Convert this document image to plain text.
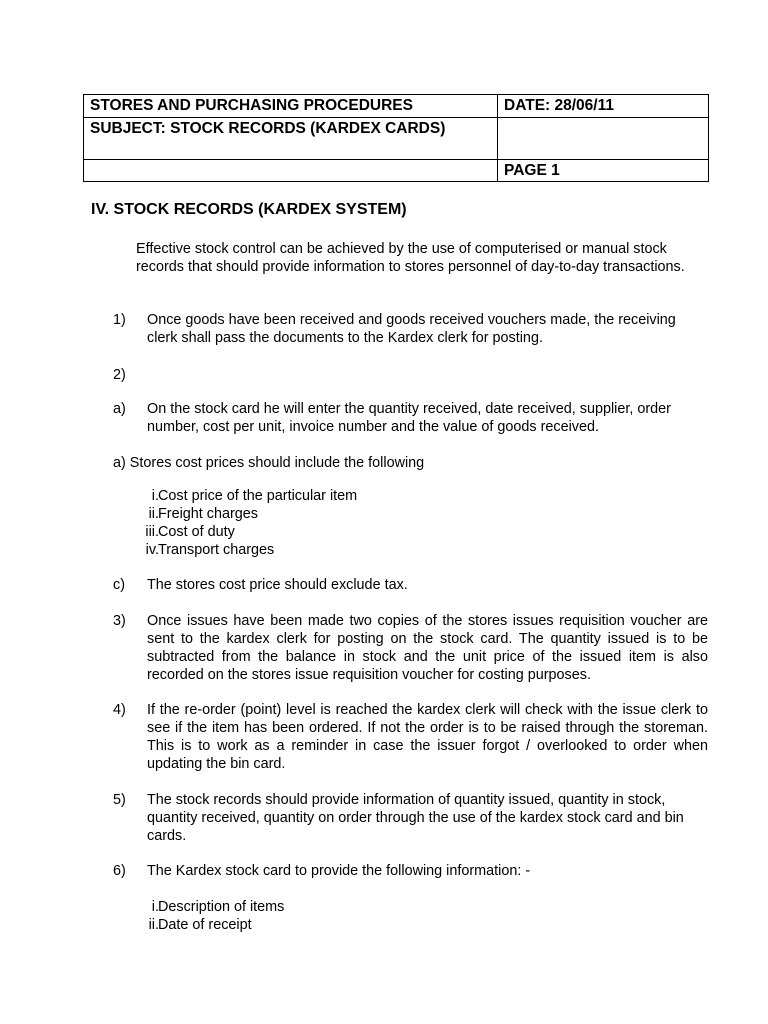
STORES AND PURCHASING PROCEDURES	DATE: 28/06/11
SUBJECT: STOCK RECORDS (KARDEX CARDS)	
	PAGE 1
IV. STOCK RECORDS (KARDEX SYSTEM)

Effective stock control can be achieved by the use of computerised or manual stock records that should provide information to stores personnel of day-to-day transactions.

1) Once goods have been received and goods received vouchers made, the receiving clerk shall pass the documents to the Kardex clerk for posting.
2)
a) On the stock card he will enter the quantity received, date received, supplier, order number, cost per unit, invoice number and the value of goods received.
a) Stores cost prices should include the following
i. Cost price of the particular item
ii. Freight charges
iii. Cost of duty
iv. Transport charges
c) The stores cost price should exclude tax.
3) Once issues have been made two copies of the stores issues requisition voucher are sent to the kardex clerk for posting on the stock card. The quantity issued is to be subtracted from the balance in stock and the unit price of the issued item is also recorded on the stores issue requisition voucher for costing purposes.
4) If the re-order (point) level is reached the kardex clerk will check with the issue clerk to see if the item has been ordered. If not the order is to be raised through the storeman. This is to work as a reminder in case the issuer forgot / overlooked to order when updating the bin card.
5) The stock records should provide information of quantity issued, quantity in stock, quantity received, quantity on order through the use of the kardex stock card and bin cards.
6) The Kardex stock card to provide the following information: -
i. Description of items
ii. Date of receipt
